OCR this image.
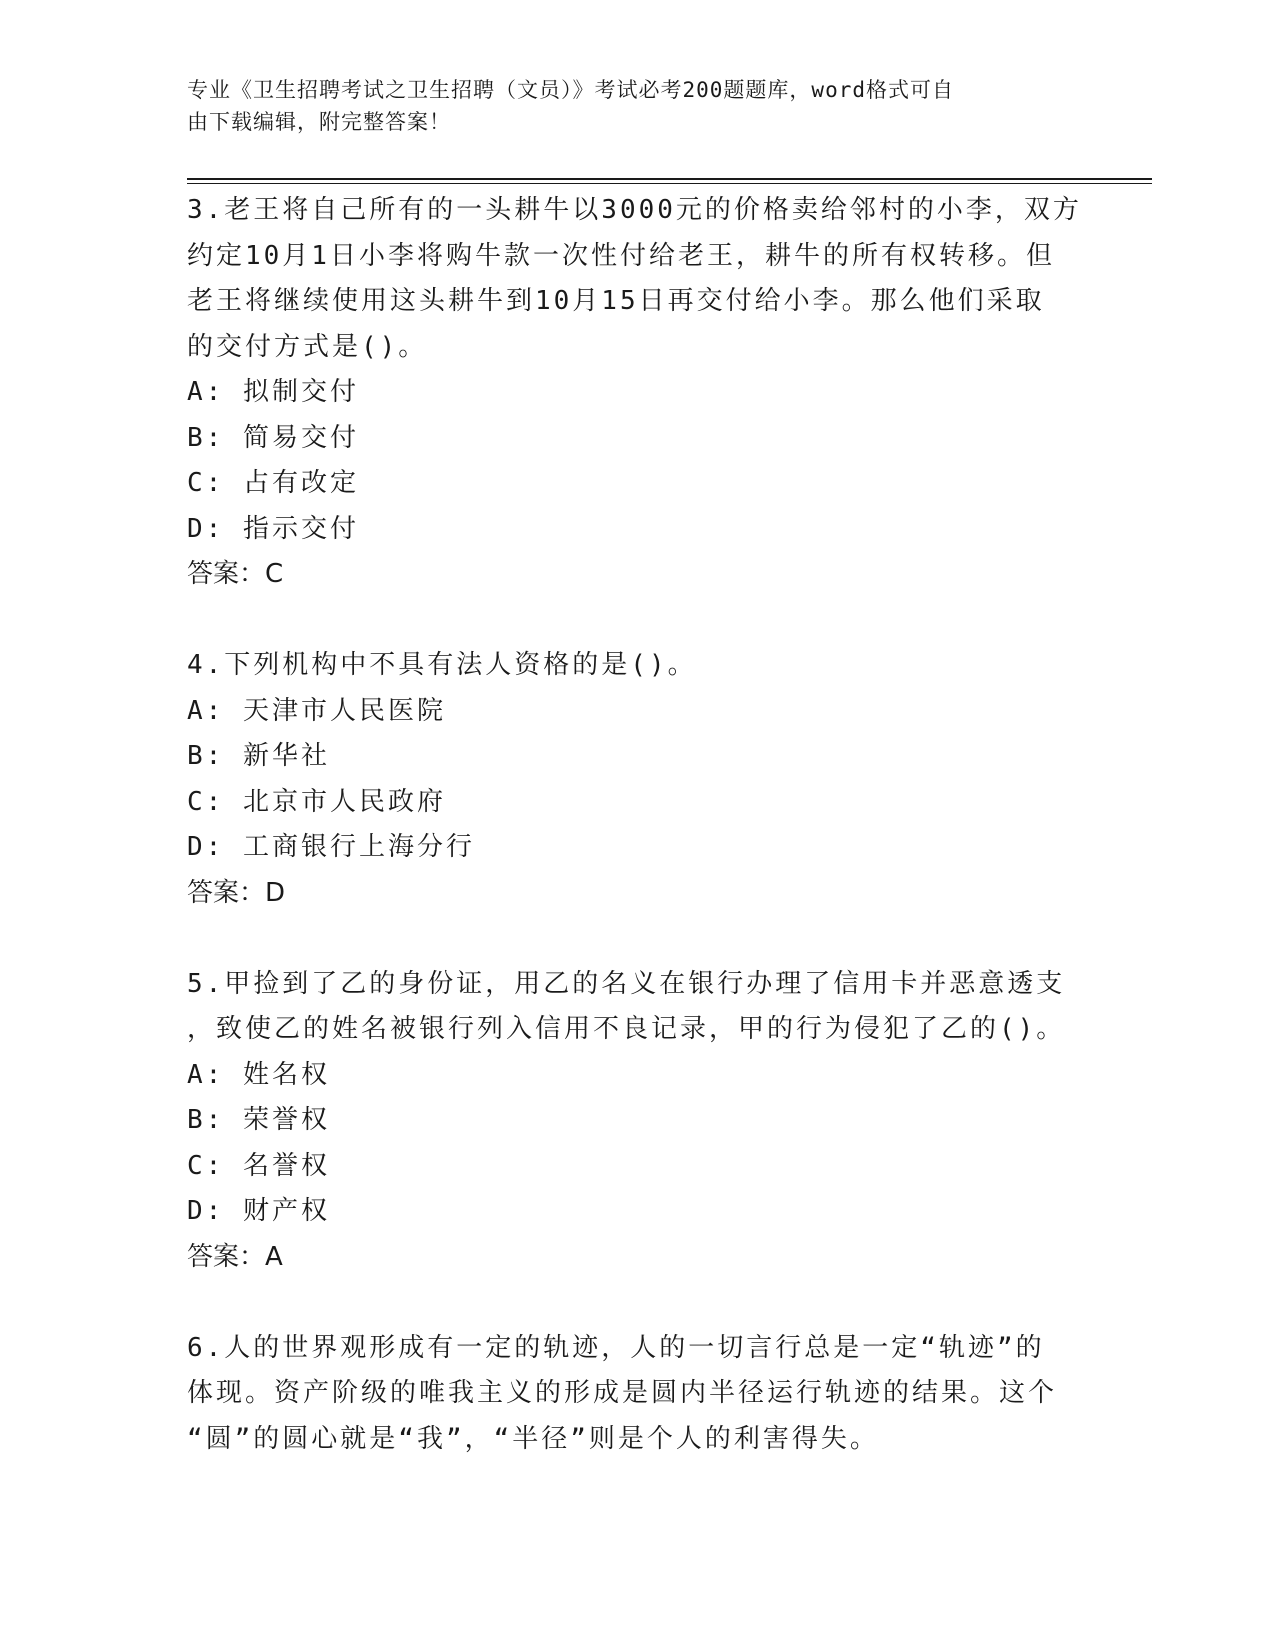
专业《卫生招聘考试之卫生招聘（文员）》考试必考200题题库，word格式可自
由下载编辑，附完整答案！
3.老王将自己所有的一头耕牛以3000元的价格卖给邻村的小李，双方
约定10月1日小李将购牛款一次性付给老王，耕牛的所有权转移。但
老王将继续使用这头耕牛到10月15日再交付给小李。那么他们采取
的交付方式是()。
A: 拟制交付
B: 简易交付
C: 占有改定
D: 指示交付
答案：C
4.下列机构中不具有法人资格的是()。
A: 天津市人民医院
B: 新华社
C: 北京市人民政府
D: 工商银行上海分行
答案：D
5.甲捡到了乙的身份证，用乙的名义在银行办理了信用卡并恶意透支
，致使乙的姓名被银行列入信用不良记录，甲的行为侵犯了乙的()。
A: 姓名权
B: 荣誉权
C: 名誉权
D: 财产权
答案：A
6.人的世界观形成有一定的轨迹，人的一切言行总是一定“轨迹”的
体现。资产阶级的唯我主义的形成是圆内半径运行轨迹的结果。这个
“圆”的圆心就是“我”，“半径”则是个人的利害得失。
